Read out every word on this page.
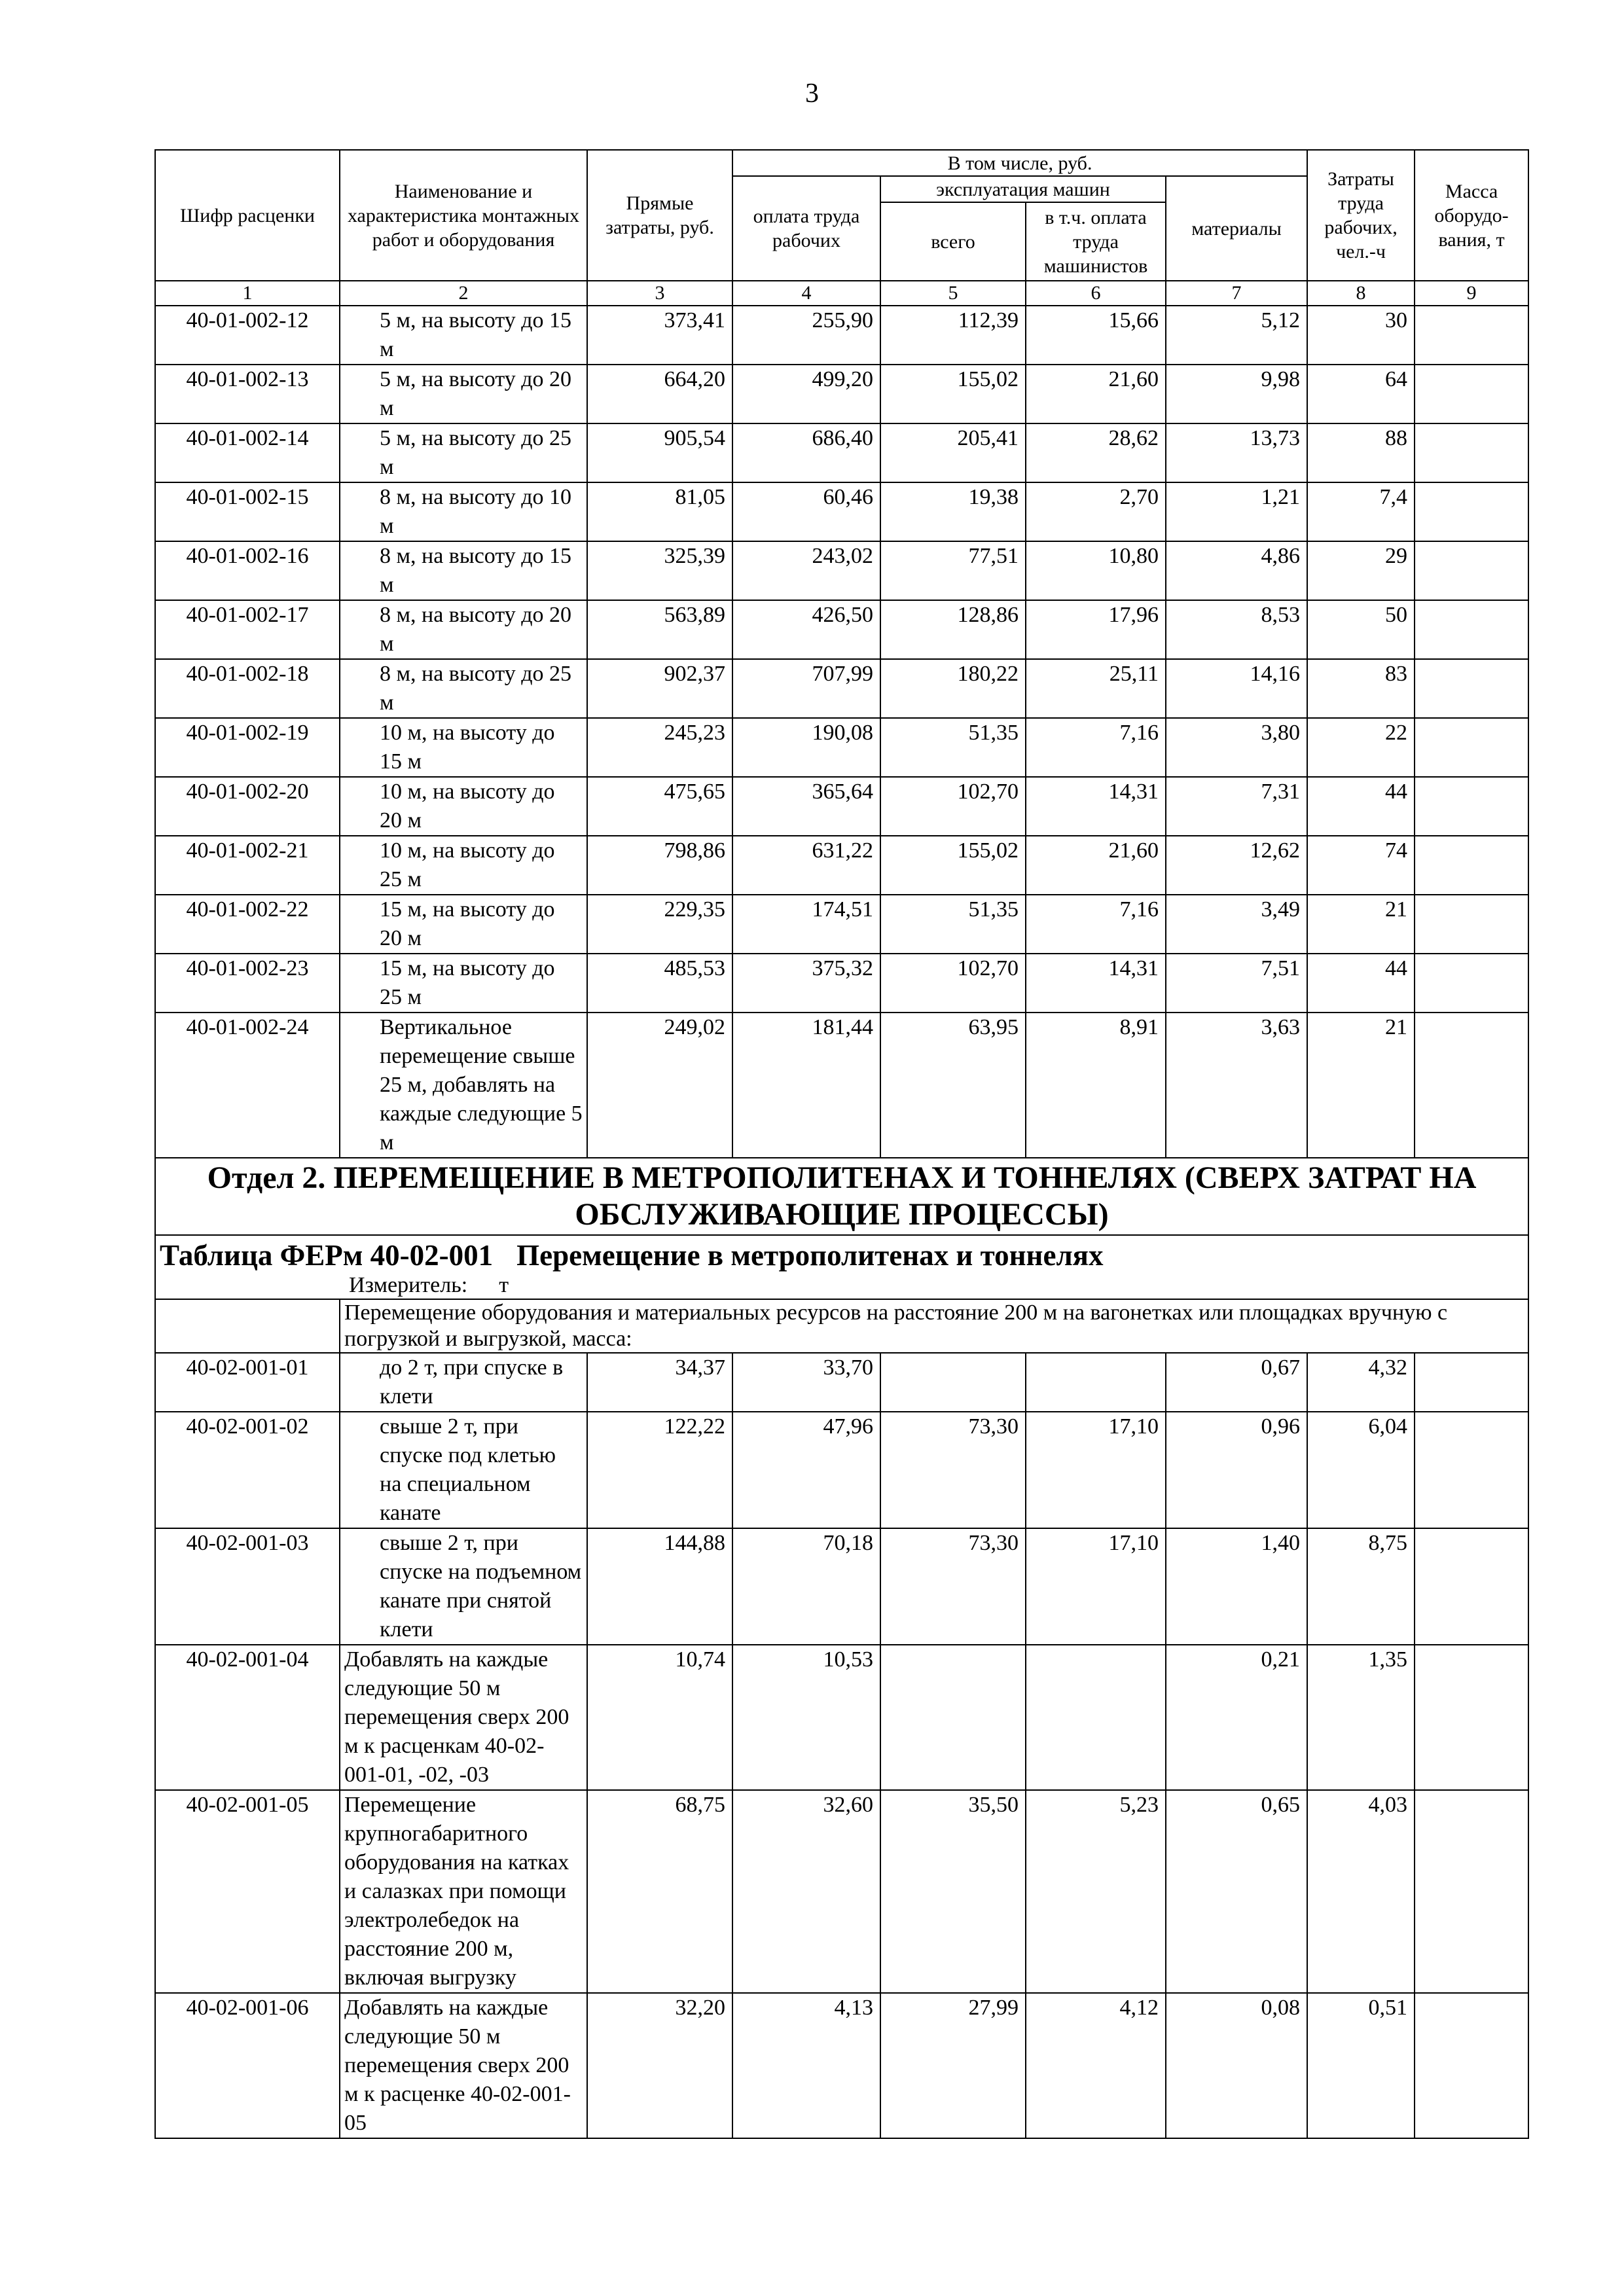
3
Шифр расценки	Наименование и характеристика монтажных работ и оборудования	Прямые затраты, руб.	В том числе, руб.				Затраты труда рабочих, чел.-ч	Масса оборудо-вания, т
			оплата труда рабочих	эксплуатация машин		материалы		
				всего	в т.ч. оплата труда машинистов			
1	2	3	4	5	6	7	8	9
40-01-002-12	5 м, на высоту до 15 м	373,41	255,90	112,39	15,66	5,12	30	
40-01-002-13	5 м, на высоту до 20 м	664,20	499,20	155,02	21,60	9,98	64	
40-01-002-14	5 м, на высоту до 25 м	905,54	686,40	205,41	28,62	13,73	88	
40-01-002-15	8 м, на высоту до 10 м	81,05	60,46	19,38	2,70	1,21	7,4	
40-01-002-16	8 м, на высоту до 15 м	325,39	243,02	77,51	10,80	4,86	29	
40-01-002-17	8 м, на высоту до 20 м	563,89	426,50	128,86	17,96	8,53	50	
40-01-002-18	8 м, на высоту до 25 м	902,37	707,99	180,22	25,11	14,16	83	
40-01-002-19	10 м, на высоту до 15 м	245,23	190,08	51,35	7,16	3,80	22	
40-01-002-20	10 м, на высоту до 20 м	475,65	365,64	102,70	14,31	7,31	44	
40-01-002-21	10 м, на высоту до 25 м	798,86	631,22	155,02	21,60	12,62	74	
40-01-002-22	15 м, на высоту до 20 м	229,35	174,51	51,35	7,16	3,49	21	
40-01-002-23	15 м, на высоту до 25 м	485,53	375,32	102,70	14,31	7,51	44	
40-01-002-24	Вертикальное перемещение свыше 25 м, добавлять на каждые следующие 5 м	249,02	181,44	63,95	8,91	3,63	21	
Отдел 2. ПЕРЕМЕЩЕНИЕ В МЕТРОПОЛИТЕНАХ И ТОННЕЛЯХ (СВЕРХ ЗАТРАТ НА ОБСЛУЖИВАЮЩИЕ ПРОЦЕССЫ)								
Таблица ФЕРм 40-02-001 Перемещение в метрополитенах и тоннелях								
Измеритель: т								
	Перемещение оборудования и материальных ресурсов на расстояние 200 м на вагонетках или площадках вручную с погрузкой и выгрузкой, масса:							
40-02-001-01	до 2 т, при спуске в клети	34,37	33,70			0,67	4,32	
40-02-001-02	свыше 2 т, при спуске под клетью на специальном канате	122,22	47,96	73,30	17,10	0,96	6,04	
40-02-001-03	свыше 2 т, при спуске на подъемном канате при снятой клети	144,88	70,18	73,30	17,10	1,40	8,75	
40-02-001-04	Добавлять на каждые следующие 50 м перемещения сверх 200 м к расценкам 40-02-001-01, -02, -03	10,74	10,53			0,21	1,35	
40-02-001-05	Перемещение крупногабаритного оборудования на катках и салазках при помощи электролебедок на расстояние 200 м, включая выгрузку	68,75	32,60	35,50	5,23	0,65	4,03	
40-02-001-06	Добавлять на каждые следующие 50 м перемещения сверх 200 м к расценке 40-02-001-05	32,20	4,13	27,99	4,12	0,08	0,51	
